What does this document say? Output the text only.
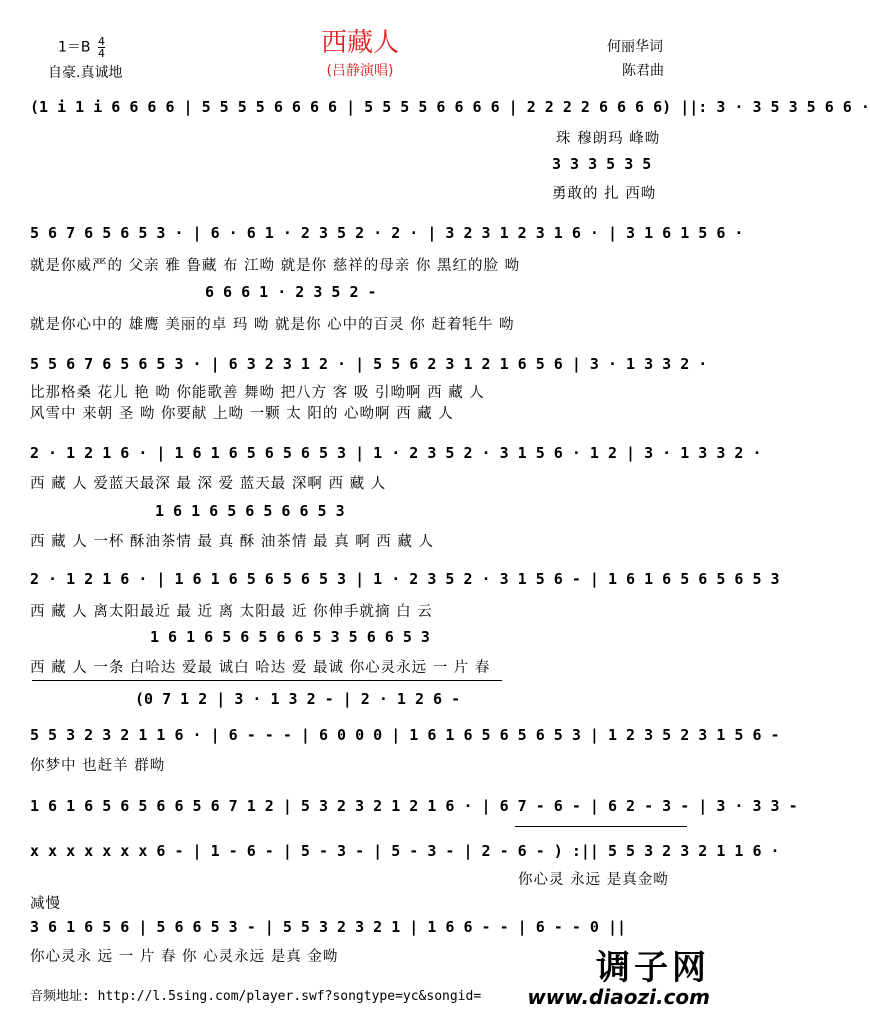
西藏人
(吕静演唱)
$1=B \frac{4}{4}$
自豪.真诚地
何丽华词
陈君曲
(1 i 1 i 6 6 6 6 | 5 5 5 5 6 6 6 6 | 5 5 5 5 6 6 6 6 | 2 2 2 2 6 6 6 6) ||: 3 · 3 5 3 5 6 6 ·
珠 穆朗玛 峰呦
3 3 3 5 3 5
勇敢的 扎 西呦
5 6 7 6 5 6 5 3 · | 6 · 6 1 · 2 3 5 2 · 2 · | 3 2 3 1 2 3 1 6 · | 3 1 6 1 5 6 ·
就是你威严的 父亲 雅 鲁藏 布 江呦 就是你 慈祥的母亲 你 黑红的脸 呦
6 6 6 1 · 2 3 5 2 -
就是你心中的 雄鹰 美丽的卓 玛 呦 就是你 心中的百灵 你 赶着牦牛 呦
5 5 6 7 6 5 6 5 3 · | 6 3 2 3 1 2 · | 5 5 6 2 3 1 2 1 6 5 6 | 3 · 1 3 3 2 ·
比那格桑 花儿 艳 呦 你能歌善 舞呦 把八方 客 吸 引呦啊 西 藏 人
风雪中 来朝 圣 呦 你要献 上呦 一颗 太 阳的 心呦啊 西 藏 人
2 · 1 2 1 6 · | 1 6 1 6 5 6 5 6 5 3 | 1 · 2 3 5 2 · 3 1 5 6 · 1 2 | 3 · 1 3 3 2 ·
西 藏 人 爱蓝天最深 最 深 爱 蓝天最 深啊 西 藏 人
1 6 1 6 5 6 5 6 6 5 3
西 藏 人 一杯 酥油茶情 最 真 酥 油茶情 最 真 啊 西 藏 人
2 · 1 2 1 6 · | 1 6 1 6 5 6 5 6 5 3 | 1 · 2 3 5 2 · 3 1 5 6 - | 1 6 1 6 5 6 5 6 5 3
西 藏 人 离太阳最近 最 近 离 太阳最 近 你伸手就摘 白 云
1 6 1 6 5 6 5 6 6 5 3 5 6 6 5 3
西 藏 人 一条 白哈达 爱最 诚白 哈达 爱 最诚 你心灵永远 一 片 春
(0 7 1 2 | 3 · 1 3 2 - | 2 · 1 2 6 -
5 5 3 2 3 2 1 1 6 · | 6 - - - | 6 0 0 0 | 1 6 1 6 5 6 5 6 5 3 | 1 2 3 5 2 3 1 5 6 -
你梦中 也赶羊 群呦
1 6 1 6 5 6 5 6 6 5 6 7 1 2 | 5 3 2 3 2 1 2 1 6 · | 6 7 - 6 - | 6 2 - 3 - | 3 · 3 3 -
x x x x x x x 6 - | 1 - 6 - | 5 - 3 - | 5 - 3 - | 2 - 6 - ) :|| 5 5 3 2 3 2 1 1 6 ·
你心灵 永远 是真金呦
减慢
3 6 1 6 5 6 | 5 6 6 5 3 - | 5 5 3 2 3 2 1 | 1 6 6 - - | 6 - - 0 ||
你心灵永 远 一 片 春 你 心灵永远 是真 金呦	调子网
www.diaozi.com
音频地址: http://l.5sing.com/player.swf?songtype=yc&songid=
